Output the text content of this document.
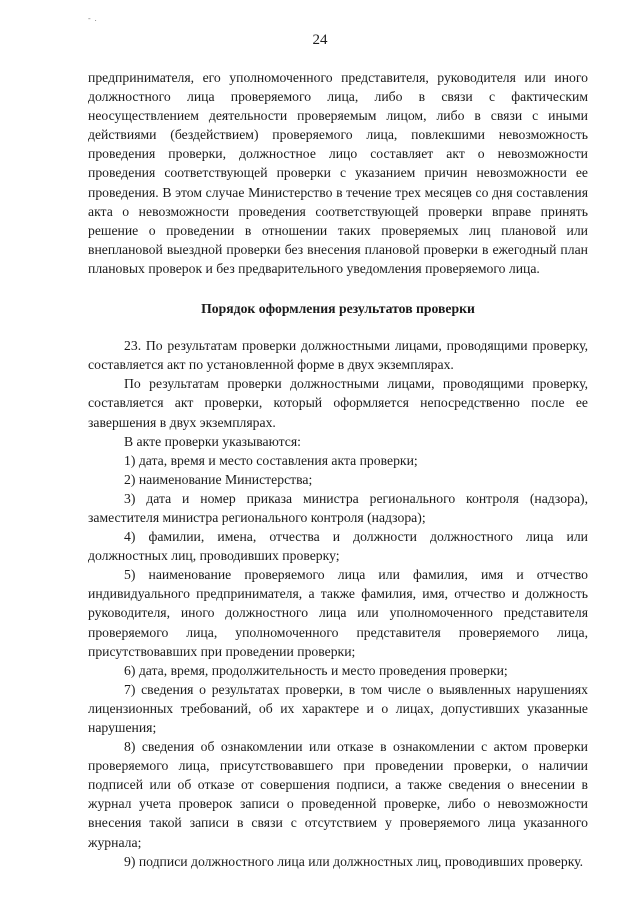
- .
24

предпринимателя, его уполномоченного представителя, руководителя или иного должностного лица проверяемого лица, либо в связи с фактическим неосуществлением деятельности проверяемым лицом, либо в связи с иными действиями (бездействием) проверяемого лица, повлекшими невозможность проведения проверки, должностное лицо составляет акт о невозможности проведения соответствующей проверки с указанием причин невозможности ее проведения. В этом случае Министерство в течение трех месяцев со дня составления акта о невозможности проведения соответствующей проверки вправе принять решение о проведении в отношении таких проверяемых лиц плановой или внеплановой выездной проверки без внесения плановой проверки в ежегодный план плановых проверок и без предварительного уведомления проверяемого лица.

Порядок оформления результатов проверки

23. По результатам проверки должностными лицами, проводящими проверку, составляется акт по установленной форме в двух экземплярах.

По результатам проверки должностными лицами, проводящими проверку, составляется акт проверки, который оформляется непосредственно после ее завершения в двух экземплярах.

В акте проверки указываются:

1) дата, время и место составления акта проверки;

2) наименование Министерства;

3) дата и номер приказа министра регионального контроля (надзора), заместителя министра регионального контроля (надзора);

4) фамилии, имена, отчества и должности должностного лица или должностных лиц, проводивших проверку;

5) наименование проверяемого лица или фамилия, имя и отчество индивидуального предпринимателя, а также фамилия, имя, отчество и должность руководителя, иного должностного лица или уполномоченного представителя проверяемого лица, уполномоченного представителя проверяемого лица, присутствовавших при проведении проверки;

6) дата, время, продолжительность и место проведения проверки;

7) сведения о результатах проверки, в том числе о выявленных нарушениях лицензионных требований, об их характере и о лицах, допустивших указанные нарушения;

8) сведения об ознакомлении или отказе в ознакомлении с актом проверки проверяемого лица, присутствовавшего при проведении проверки, о наличии подписей или об отказе от совершения подписи, а также сведения о внесении в журнал учета проверок записи о проведенной проверке, либо о невозможности внесения такой записи в связи с отсутствием у проверяемого лица указанного журнала;

9) подписи должностного лица или должностных лиц, проводивших проверку.
